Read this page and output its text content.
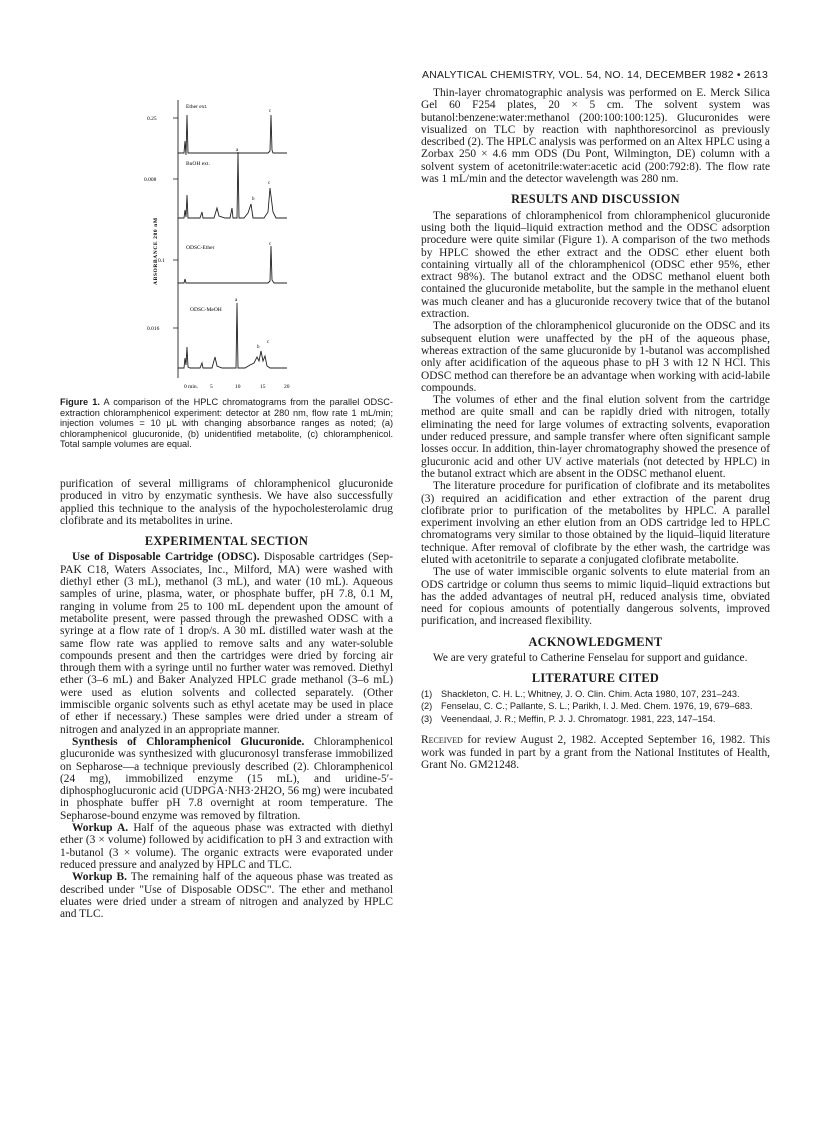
ANALYTICAL CHEMISTRY, VOL. 54, NO. 14, DECEMBER 1982 • 2613
ABSORBANCE 280 nM
Ether ext.
0.25
c
BuOH ext.
0.008
a
b
c
ODSC-Ether
0.1
c
ODSC-MeOH
0.016
a
b
c
0 min. 5	10	15	20
Figure 1. A comparison of the HPLC chromatograms from the parallel ODSC-extraction chloramphenicol experiment: detector at 280 nm, flow rate 1 mL/min; injection volumes = 10 μL with changing absorbance ranges as noted; (a) chloramphenicol glucuronide, (b) unidentified metabolite, (c) chloramphenicol. Total sample volumes are equal.

purification of several milligrams of chloramphenicol glucuronide produced in vitro by enzymatic synthesis. We have also successfully applied this technique to the analysis of the hypocholesterolamic drug clofibrate and its metabolites in urine.

EXPERIMENTAL SECTION

Use of Disposable Cartridge (ODSC). Disposable cartridges (Sep-PAK C18, Waters Associates, Inc., Milford, MA) were washed with diethyl ether (3 mL), methanol (3 mL), and water (10 mL). Aqueous samples of urine, plasma, water, or phosphate buffer, pH 7.8, 0.1 M, ranging in volume from 25 to 100 mL dependent upon the amount of metabolite present, were passed through the prewashed ODSC with a syringe at a flow rate of 1 drop/s. A 30 mL distilled water wash at the same flow rate was applied to remove salts and any water-soluble compounds present and then the cartridges were dried by forcing air through them with a syringe until no further water was removed. Diethyl ether (3–6 mL) and Baker Analyzed HPLC grade methanol (3–6 mL) were used as elution solvents and collected separately. (Other immiscible organic solvents such as ethyl acetate may be used in place of ether if necessary.) These samples were dried under a stream of nitrogen and analyzed in an appropriate manner.

Synthesis of Chloramphenicol Glucuronide. Chloramphenicol glucuronide was synthesized with glucuronosyl transferase immobilized on Sepharose—a technique previously described (2). Chloramphenicol (24 mg), immobilized enzyme (15 mL), and uridine-5′-diphosphoglucuronic acid (UDPGA·NH3·2H2O, 56 mg) were incubated in phosphate buffer pH 7.8 overnight at room temperature. The Sepharose-bound enzyme was removed by filtration.

Workup A. Half of the aqueous phase was extracted with diethyl ether (3 × volume) followed by acidification to pH 3 and extraction with 1-butanol (3 × volume). The organic extracts were evaporated under reduced pressure and analyzed by HPLC and TLC.

Workup B. The remaining half of the aqueous phase was treated as described under "Use of Disposable ODSC". The ether and methanol eluates were dried under a stream of nitrogen and analyzed by HPLC and TLC.

Thin-layer chromatographic analysis was performed on E. Merck Silica Gel 60 F254 plates, 20 × 5 cm. The solvent system was butanol:benzene:water:methanol (200:100:100:125). Glucuronides were visualized on TLC by reaction with naphthoresorcinol as previously described (2). The HPLC analysis was performed on an Altex HPLC using a Zorbax 250 × 4.6 mm ODS (Du Pont, Wilmington, DE) column with a solvent system of acetonitrile:water:acetic acid (200:792:8). The flow rate was 1 mL/min and the detector wavelength was 280 nm.

RESULTS AND DISCUSSION

The separations of chloramphenicol from chloramphenicol glucuronide using both the liquid–liquid extraction method and the ODSC adsorption procedure were quite similar (Figure 1). A comparison of the two methods by HPLC showed the ether extract and the ODSC ether eluent both containing virtually all of the chloramphenicol (ODSC ether 95%, ether extract 98%). The butanol extract and the ODSC methanol eluent both contained the glucuronide metabolite, but the sample in the methanol eluent was much cleaner and has a glucuronide recovery twice that of the butanol extraction.

The adsorption of the chloramphenicol glucuronide on the ODSC and its subsequent elution were unaffected by the pH of the aqueous phase, whereas extraction of the same glucuronide by 1-butanol was accomplished only after acidification of the aqueous phase to pH 3 with 12 N HCl. This ODSC method can therefore be an advantage when working with acid-labile compounds.

The volumes of ether and the final elution solvent from the cartridge method are quite small and can be rapidly dried with nitrogen, totally eliminating the need for large volumes of extracting solvents, evaporation under reduced pressure, and sample transfer where often significant sample losses occur. In addition, thin-layer chromatography showed the presence of glucuronic acid and other UV active materials (not detected by HPLC) in the butanol extract which are absent in the ODSC methanol eluent.

The literature procedure for purification of clofibrate and its metabolites (3) required an acidification and ether extraction of the parent drug clofibrate prior to purification of the metabolites by HPLC. A parallel experiment involving an ether elution from an ODS cartridge led to HPLC chromatograms very similar to those obtained by the liquid–liquid literature technique. After removal of clofibrate by the ether wash, the cartridge was eluted with acetonitrile to separate a conjugated clofibrate metabolite.

The use of water immiscible organic solvents to elute material from an ODS cartridge or column thus seems to mimic liquid–liquid extractions but has the added advantages of neutral pH, reduced analysis time, obviated need for copious amounts of potentially dangerous solvents, improved purification, and increased flexibility.

ACKNOWLEDGMENT

We are very grateful to Catherine Fenselau for support and guidance.

LITERATURE CITED
(1) Shackleton, C. H. L.; Whitney, J. O. Clin. Chim. Acta 1980, 107, 231–243.
(2) Fenselau, C. C.; Pallante, S. L.; Parikh, I. J. Med. Chem. 1976, 19, 679–683.
(3) Veenendaal, J. R.; Meffin, P. J. J. Chromatogr. 1981, 223, 147–154.

Received for review August 2, 1982. Accepted September 16, 1982. This work was funded in part by a grant from the National Institutes of Health, Grant No. GM21248.
